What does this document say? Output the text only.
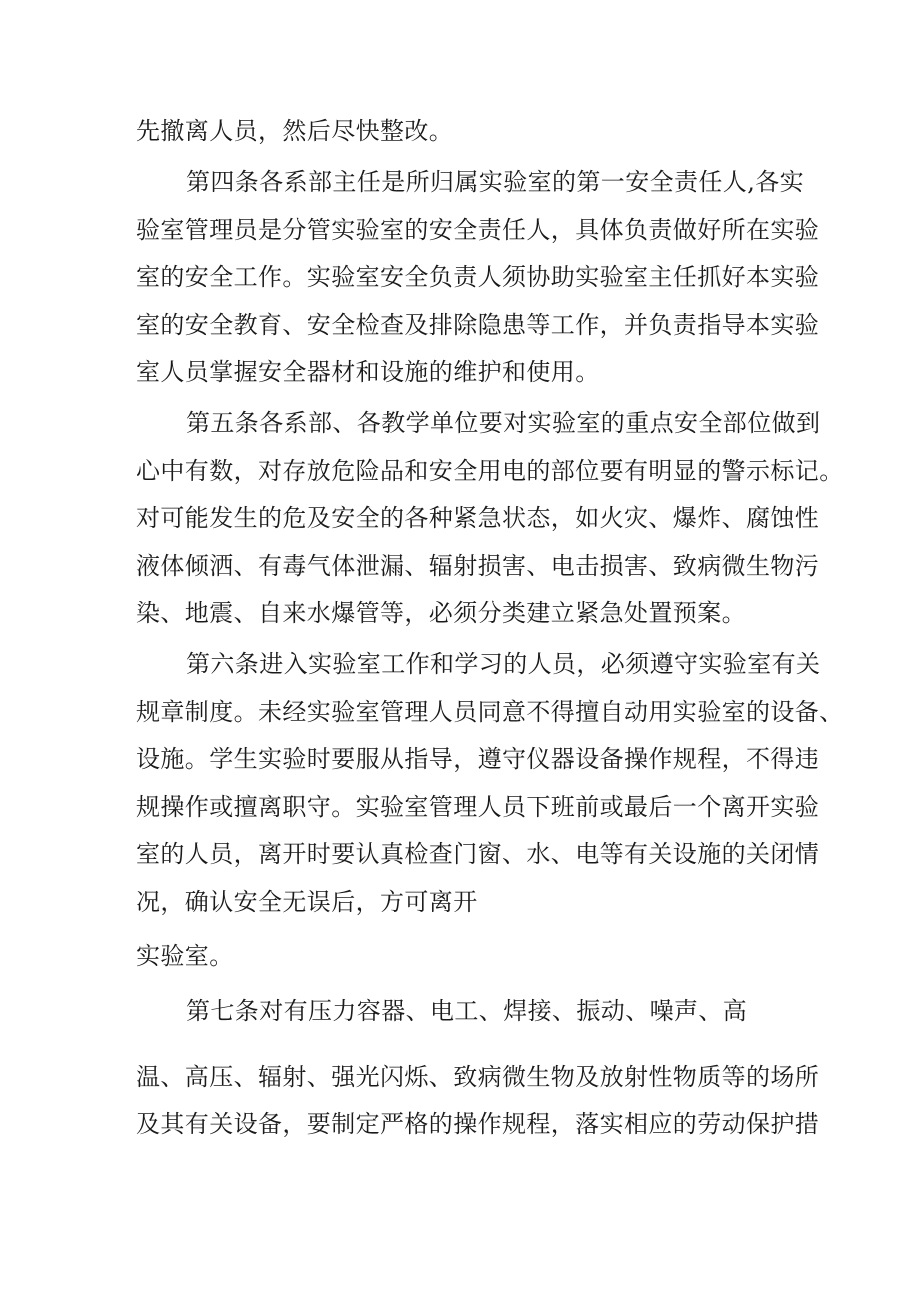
先撤离人员，然后尽快整改。
第四条各系部主任是所归属实验室的第一安全责任人,各实
验室管理员是分管实验室的安全责任人，具体负责做好所在实验
室的安全工作。实验室安全负责人须协助实验室主任抓好本实验
室的安全教育、安全检查及排除隐患等工作，并负责指导本实验
室人员掌握安全器材和设施的维护和使用。
第五条各系部、各教学单位要对实验室的重点安全部位做到
心中有数，对存放危险品和安全用电的部位要有明显的警示标记。
对可能发生的危及安全的各种紧急状态，如火灾、爆炸、腐蚀性
液体倾洒、有毒气体泄漏、辐射损害、电击损害、致病微生物污
染、地震、自来水爆管等，必须分类建立紧急处置预案。
第六条进入实验室工作和学习的人员，必须遵守实验室有关
规章制度。未经实验室管理人员同意不得擅自动用实验室的设备、
设施。学生实验时要服从指导，遵守仪器设备操作规程，不得违
规操作或擅离职守。实验室管理人员下班前或最后一个离开实验
室的人员，离开时要认真检查门窗、水、电等有关设施的关闭情
况，确认安全无误后，方可离开
实验室。
第七条对有压力容器、电工、焊接、振动、噪声、高
温、高压、辐射、强光闪烁、致病微生物及放射性物质等的场所
及其有关设备，要制定严格的操作规程，落实相应的劳动保护措
